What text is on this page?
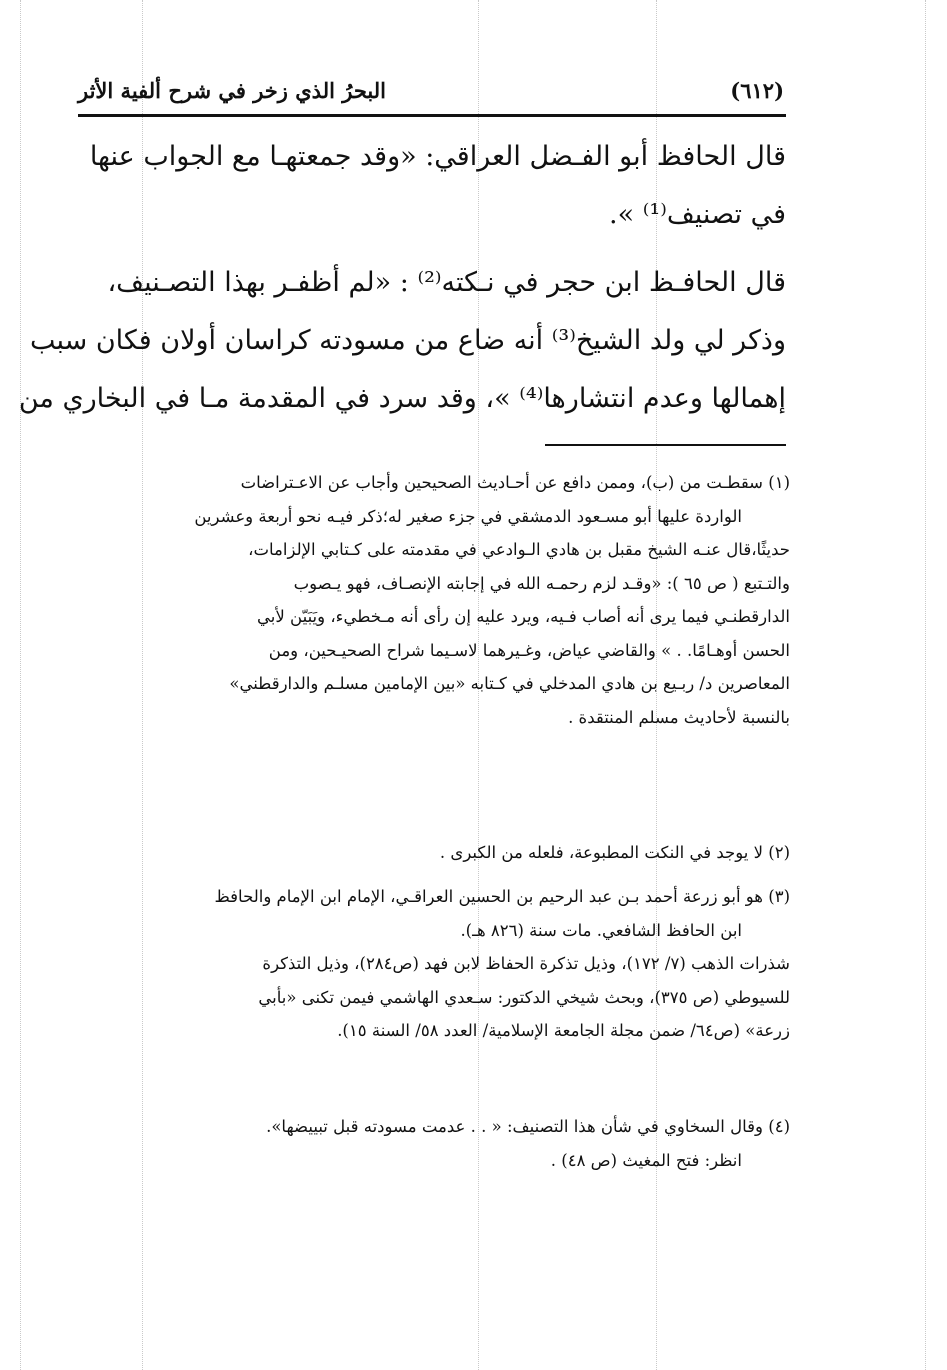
البحرُ الذي زخر في شرح ألفية الأثر	(٦١٢)
قال الحافظ أبو الفـضل العراقي: «وقد جمعتهـا مع الجواب عنها
في تصنيف⁽¹⁾ ».
قال الحافـظ ابن حجر في نـكته⁽²⁾ : «لم أظفـر بهذا التصـنيف،
وذكر لي ولد الشيخ⁽³⁾ أنه ضاع من مسودته كراسان أولان فكان سبب
إهمالها وعدم انتشارها⁽⁴⁾ »، وقد سرد في المقدمة مـا في البخاري من
(١) سقطـت من (ب)، وممن دافع عن أحـاديث الصحيحين وأجاب عن الاعـتراضات
الواردة عليها أبو مسـعود الدمشقي في جزء صغير له؛ذكر فيـه نحو أربعة وعشرين
حديثًا،قال عنـه الشيخ مقبل بن هادي الـوادعي في مقدمته على كـتابي الإلزامات،
والتـتبع ( ص ٦٥ ): «وقـد لزم رحمـه الله في إجابته الإنصـاف، فهو يـصوب
الدارقطنـي فيما يرى أنه أصاب فـيه، ويرد عليه إن رأى أنه مـخطيء، ويَبَيّن لأبي
الحسن أوهـامًا. . » والقاضي عياض، وغـيرهما لاسـيما شراح الصحيـحين، ومن
المعاصرين د/ ربـيع بن هادي المدخلي في كـتابه «بين الإمامين مسلـم والدارقطني»
بالنسبة لأحاديث مسلم المنتقدة .
(٢) لا يوجد في النكت المطبوعة، فلعله من الكبرى .
(٣) هو أبو زرعة أحمد بـن عبد الرحيم بن الحسين العراقـي، الإمام ابن الإمام والحافظ
ابن الحافظ الشافعي. مات سنة (٨٢٦ هـ).
شذرات الذهب (٧/ ١٧٢)، وذيل تذكرة الحفاظ لابن فهد (ص٢٨٤)، وذيل التذكرة
للسيوطي (ص ٣٧٥)، وبحث شيخي الدكتور: سـعدي الهاشمي فيمن تكنى «بأبي
زرعة» (ص٦٤/ ضمن مجلة الجامعة الإسلامية/ العدد ٥٨/ السنة ١٥).
(٤) وقال السخاوي في شأن هذا التصنيف: « . . عدمت مسودته قبل تبييضها».
انظر: فتح المغيث (ص ٤٨) .
